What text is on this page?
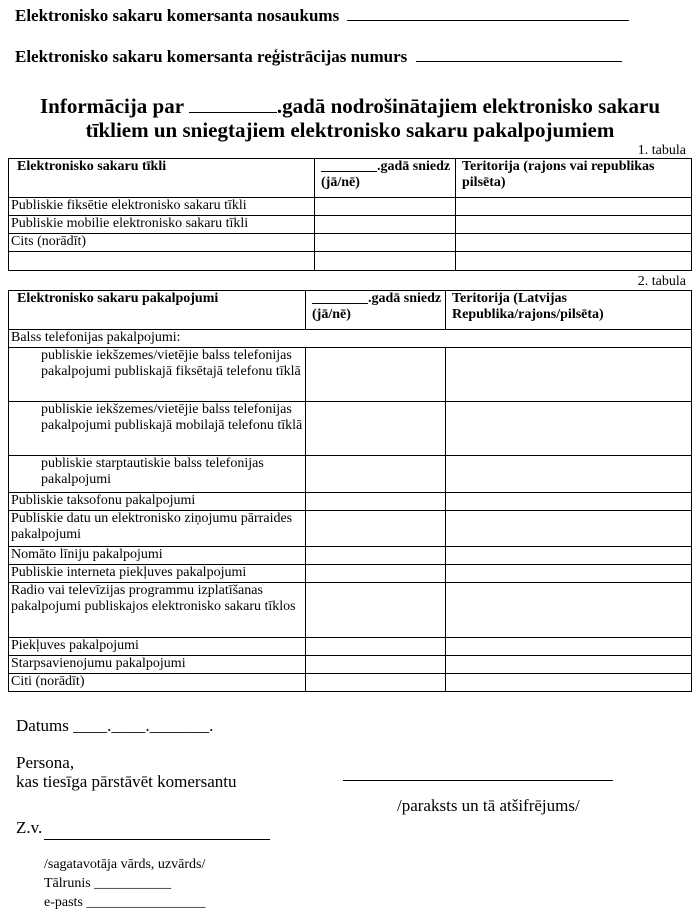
Elektronisko sakaru komersanta nosaukums
Elektronisko sakaru komersanta reģistrācijas numurs
Informācija par	.gadā nodrošinātajiem elektronisko sakaru
tīkliem un sniegtajiem elektronisko sakaru pakalpojumiem
1. tabula
Elektronisko sakaru tīkli	________.gadā sniedz (jā/nē)	Teritorija (rajons vai republikas pilsēta)
Publiskie fiksētie elektronisko sakaru tīkli		
Publiskie mobilie elektronisko sakaru tīkli		
Cits (norādīt)		

2. tabula
Elektronisko sakaru pakalpojumi	________.gadā sniedz (jā/nē)	Teritorija (Latvijas Republika/rajons/pilsēta)
Balss telefonijas pakalpojumi:		
publiskie iekšzemes/vietējie balss telefonijas pakalpojumi publiskajā fiksētajā telefonu tīklā		
publiskie iekšzemes/vietējie balss telefonijas pakalpojumi publiskajā mobilajā telefonu tīklā		
publiskie starptautiskie balss telefonijas pakalpojumi		
Publiskie taksofonu pakalpojumi		
Publiskie datu un elektronisko ziņojumu pārraides pakalpojumi		
Nomāto līniju pakalpojumi		
Publiskie interneta piekļuves pakalpojumi		
Radio vai televīzijas programmu izplatīšanas pakalpojumi publiskajos elektronisko sakaru tīklos		
Piekļuves pakalpojumi		
Starpsavienojumu pakalpojumi		
Citi (norādīt)		
Datums ____.____._______.
Persona,
kas tiesīga pārstāvēt komersantu
/paraksts un tā atšifrējums/
Z.v.
/sagatavotāja vārds, uzvārds/
Tālrunis ___________
e-pasts _________________
